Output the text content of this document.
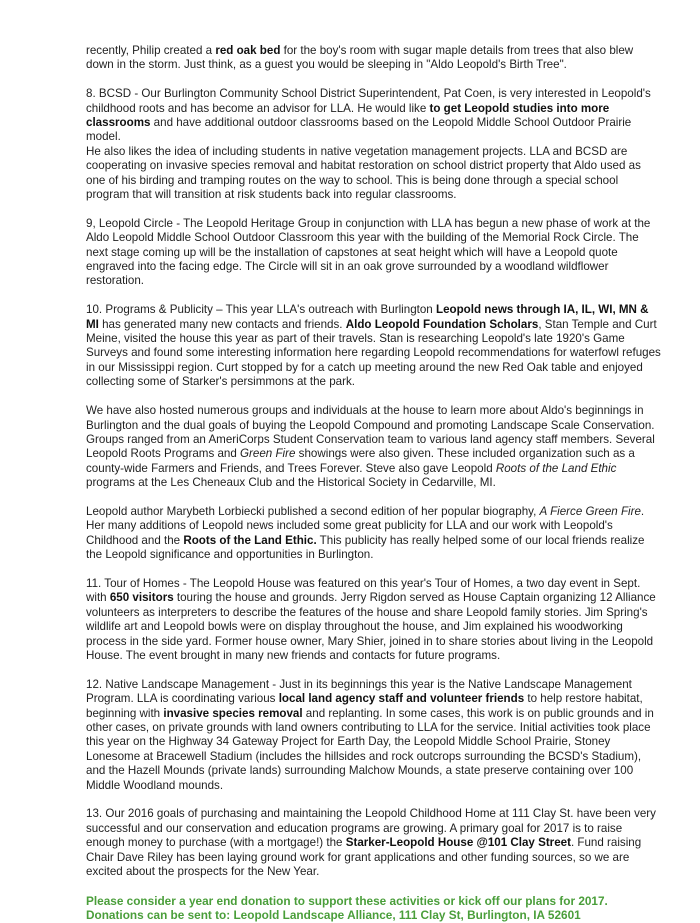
recently, Philip created a red oak bed for the boy's room with sugar maple details from trees that also blew down in the storm. Just think, as a guest you would be sleeping in "Aldo Leopold's Birth Tree".

8. BCSD - Our Burlington Community School District Superintendent, Pat Coen, is very interested in Leopold's childhood roots and has become an advisor for LLA. He would like to get Leopold studies into more classrooms and have additional outdoor classrooms based on the Leopold Middle School Outdoor Prairie model.

He also likes the idea of including students in native vegetation management projects. LLA and BCSD are cooperating on invasive species removal and habitat restoration on school district property that Aldo used as one of his birding and tramping routes on the way to school. This is being done through a special school program that will transition at risk students back into regular classrooms.

9, Leopold Circle - The Leopold Heritage Group in conjunction with LLA has begun a new phase of work at the Aldo Leopold Middle School Outdoor Classroom this year with the building of the Memorial Rock Circle. The next stage coming up will be the installation of capstones at seat height which will have a Leopold quote engraved into the facing edge. The Circle will sit in an oak grove surrounded by a woodland wildflower restoration.

10. Programs & Publicity – This year LLA's outreach with Burlington Leopold news through IA, IL, WI, MN & MI has generated many new contacts and friends. Aldo Leopold Foundation Scholars, Stan Temple and Curt Meine, visited the house this year as part of their travels. Stan is researching Leopold's late 1920's Game Surveys and found some interesting information here regarding Leopold recommendations for waterfowl refuges in our Mississippi region. Curt stopped by for a catch up meeting around the new Red Oak table and enjoyed collecting some of Starker's persimmons at the park.

We have also hosted numerous groups and individuals at the house to learn more about Aldo's beginnings in Burlington and the dual goals of buying the Leopold Compound and promoting Landscape Scale Conservation. Groups ranged from an AmeriCorps Student Conservation team to various land agency staff members. Several Leopold Roots Programs and Green Fire showings were also given. These included organization such as a county-wide Farmers and Friends, and Trees Forever. Steve also gave Leopold Roots of the Land Ethic programs at the Les Cheneaux Club and the Historical Society in Cedarville, MI.

Leopold author Marybeth Lorbiecki published a second edition of her popular biography, A Fierce Green Fire. Her many additions of Leopold news included some great publicity for LLA and our work with Leopold's Childhood and the Roots of the Land Ethic. This publicity has really helped some of our local friends realize the Leopold significance and opportunities in Burlington.

11. Tour of Homes - The Leopold House was featured on this year's Tour of Homes, a two day event in Sept. with 650 visitors touring the house and grounds. Jerry Rigdon served as House Captain organizing 12 Alliance volunteers as interpreters to describe the features of the house and share Leopold family stories. Jim Spring's wildlife art and Leopold bowls were on display throughout the house, and Jim explained his woodworking process in the side yard. Former house owner, Mary Shier, joined in to share stories about living in the Leopold House. The event brought in many new friends and contacts for future programs.

12. Native Landscape Management - Just in its beginnings this year is the Native Landscape Management Program. LLA is coordinating various local land agency staff and volunteer friends to help restore habitat, beginning with invasive species removal and replanting. In some cases, this work is on public grounds and in other cases, on private grounds with land owners contributing to LLA for the service. Initial activities took place this year on the Highway 34 Gateway Project for Earth Day, the Leopold Middle School Prairie, Stoney Lonesome at Bracewell Stadium (includes the hillsides and rock outcrops surrounding the BCSD's Stadium), and the Hazell Mounds (private lands) surrounding Malchow Mounds, a state preserve containing over 100 Middle Woodland mounds.

13. Our 2016 goals of purchasing and maintaining the Leopold Childhood Home at 111 Clay St. have been very successful and our conservation and education programs are growing. A primary goal for 2017 is to raise enough money to purchase (with a mortgage!) the Starker-Leopold House @101 Clay Street. Fund raising Chair Dave Riley has been laying ground work for grant applications and other funding sources, so we are excited about the prospects for the New Year.

Please consider a year end donation to support these activities or kick off our plans for 2017.
Donations can be sent to: Leopold Landscape Alliance, 111 Clay St, Burlington, IA 52601
